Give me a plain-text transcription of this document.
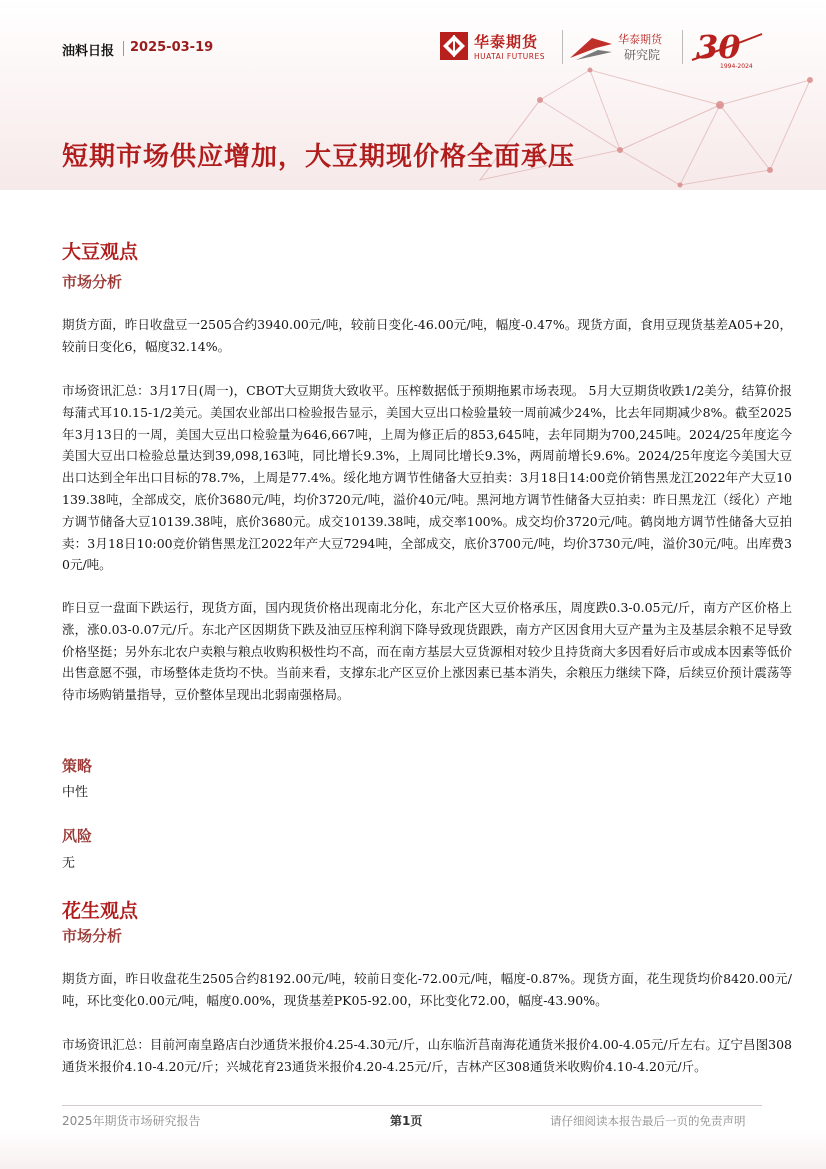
油料日报 2025-03-19	华泰期货
HUATAI FUTURES
华泰期货
研究院 30
1994-2024
短期市场供应增加，大豆期现价格全面承压
大豆观点
市场分析

期货方面，昨日收盘豆一2505合约3940.00元/吨，较前日变化-46.00元/吨，幅度-0.47%。现货方面，食用豆现货基差A05+20，较前日变化6，幅度32.14%。

市场资讯汇总：3月17日(周一)，CBOT大豆期货大致收平。压榨数据低于预期拖累市场表现。 5月大豆期货收跌1/2美分，结算价报每蒲式耳10.15-1/2美元。美国农业部出口检验报告显示，美国大豆出口检验量较一周前减少24%，比去年同期减少8%。截至2025年3月13日的一周，美国大豆出口检验量为646,667吨，上周为修正后的853,645吨，去年同期为700,245吨。2024/25年度迄今美国大豆出口检验总量达到39,098,163吨，同比增长9.3%，上周同比增长9.3%，两周前增长9.6%。2024/25年度迄今美国大豆出口达到全年出口目标的78.7%，上周是77.4%。绥化地方调节性储备大豆拍卖：3月18日14:00竞价销售黑龙江2022年产大豆10139.38吨，全部成交，底价3680元/吨，均价3720元/吨，溢价40元/吨。黑河地方调节性储备大豆拍卖：昨日黑龙江（绥化）产地方调节储备大豆10139.38吨，底价3680元。成交10139.38吨，成交率100%。成交均价3720元/吨。鹤岗地方调节性储备大豆拍卖：3月18日10:00竞价销售黑龙江2022年产大豆7294吨，全部成交，底价3700元/吨，均价3730元/吨，溢价30元/吨。出库费30元/吨。

昨日豆一盘面下跌运行，现货方面，国内现货价格出现南北分化，东北产区大豆价格承压，周度跌0.3-0.05元/斤，南方产区价格上涨，涨0.03-0.07元/斤。东北产区因期货下跌及油豆压榨利润下降导致现货跟跌，南方产区因食用大豆产量为主及基层余粮不足导致价格坚挺；另外东北农户卖粮与粮点收购积极性均不高，而在南方基层大豆货源相对较少且持货商大多因看好后市或成本因素等低价出售意愿不强，市场整体走货均不快。当前来看，支撑东北产区豆价上涨因素已基本消失，余粮压力继续下降，后续豆价预计震荡等待市场购销量指导，豆价整体呈现出北弱南强格局。

策略
中性
风险
无
花生观点
市场分析

期货方面，昨日收盘花生2505合约8192.00元/吨，较前日变化-72.00元/吨，幅度-0.87%。现货方面，花生现货均价8420.00元/吨，环比变化0.00元/吨，幅度0.00%，现货基差PK05-92.00，环比变化72.00，幅度-43.90%。

市场资讯汇总：目前河南皇路店白沙通货米报价4.25-4.30元/斤，山东临沂莒南海花通货米报价4.00-4.05元/斤左右。辽宁昌图308通货米报价4.10-4.20元/斤；兴城花育23通货米报价4.20-4.25元/斤，吉林产区308通货米收购价4.10-4.20元/斤。

2025年期货市场研究报告	第1页	请仔细阅读本报告最后一页的免责声明
